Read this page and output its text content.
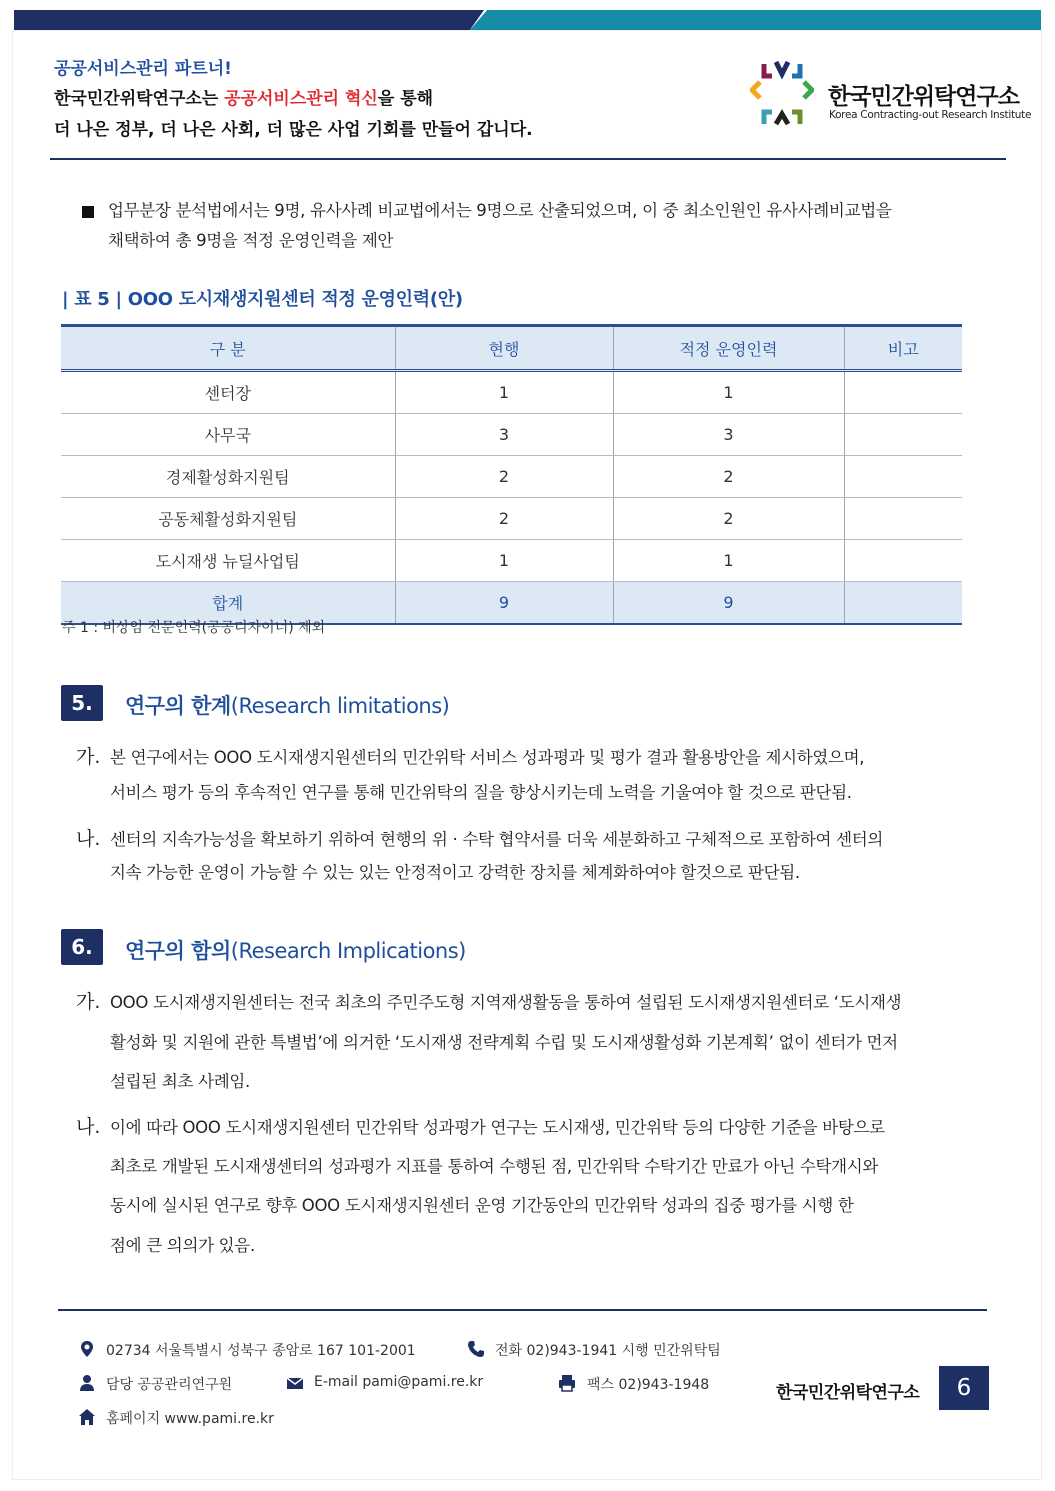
공공서비스관리 파트너!
한국민간위탁연구소는 공공서비스관리 혁신을 통해
더 나은 정부, 더 나은 사회, 더 많은 사업 기회를 만들어 갑니다.
한국민간위탁연구소
Korea Contracting-out Research Institute
업무분장 분석법에서는 9명, 유사사례 비교법에서는 9명으로 산출되었으며, 이 중 최소인원인 유사사례비교법을
채택하여 총 9명을 적정 운영인력을 제안
| 표 5 | OOO 도시재생지원센터 적정 운영인력(안)
구 분	현행	적정 운영인력	비고
센터장	1	1	
사무국	3	3	
경제활성화지원팀	2	2	
공동체활성화지원팀	2	2	
도시재생 뉴딜사업팀	1	1	
합계	9	9	
주 1 : 비상임 전문인력(공공디자이너) 제외
5.	연구의 한계(Research limitations)
가. 본 연구에서는 OOO 도시재생지원센터의 민간위탁 서비스 성과평과 및 평가 결과 활용방안을 제시하였으며,
서비스 평가 등의 후속적인 연구를 통해 민간위탁의 질을 향상시키는데 노력을 기울여야 할 것으로 판단됨.
나. 센터의 지속가능성을 확보하기 위하여 현행의 위 · 수탁 협약서를 더욱 세분화하고 구체적으로 포함하여 센터의
지속 가능한 운영이 가능할 수 있는 있는 안정적이고 강력한 장치를 체계화하여야 할것으로 판단됨.
6.	연구의 함의(Research Implications)
가. OOO 도시재생지원센터는 전국 최초의 주민주도형 지역재생활동을 통하여 설립된 도시재생지원센터로 ‘도시재생
활성화 및 지원에 관한 특별법’에 의거한 ‘도시재생 전략계획 수립 및 도시재생활성화 기본계획’ 없이 센터가 먼저
설립된 최초 사례임.
나. 이에 따라 OOO 도시재생지원센터 민간위탁 성과평가 연구는 도시재생, 민간위탁 등의 다양한 기준을 바탕으로
최초로 개발된 도시재생센터의 성과평가 지표를 통하여 수행된 점, 민간위탁 수탁기간 만료가 아닌 수탁개시와
동시에 실시된 연구로 향후 OOO 도시재생지원센터 운영 기간동안의 민간위탁 성과의 집중 평가를 시행 한
점에 큰 의의가 있음.
02734 서울특별시 성북구 종암로 167 101-2001	전화 02)943-1941 시행 민간위탁팀
담당 공공관리연구원	E-mail pami@pami.re.kr	팩스 02)943-1948
홈페이지 www.pami.re.kr
한국민간위탁연구소	6
